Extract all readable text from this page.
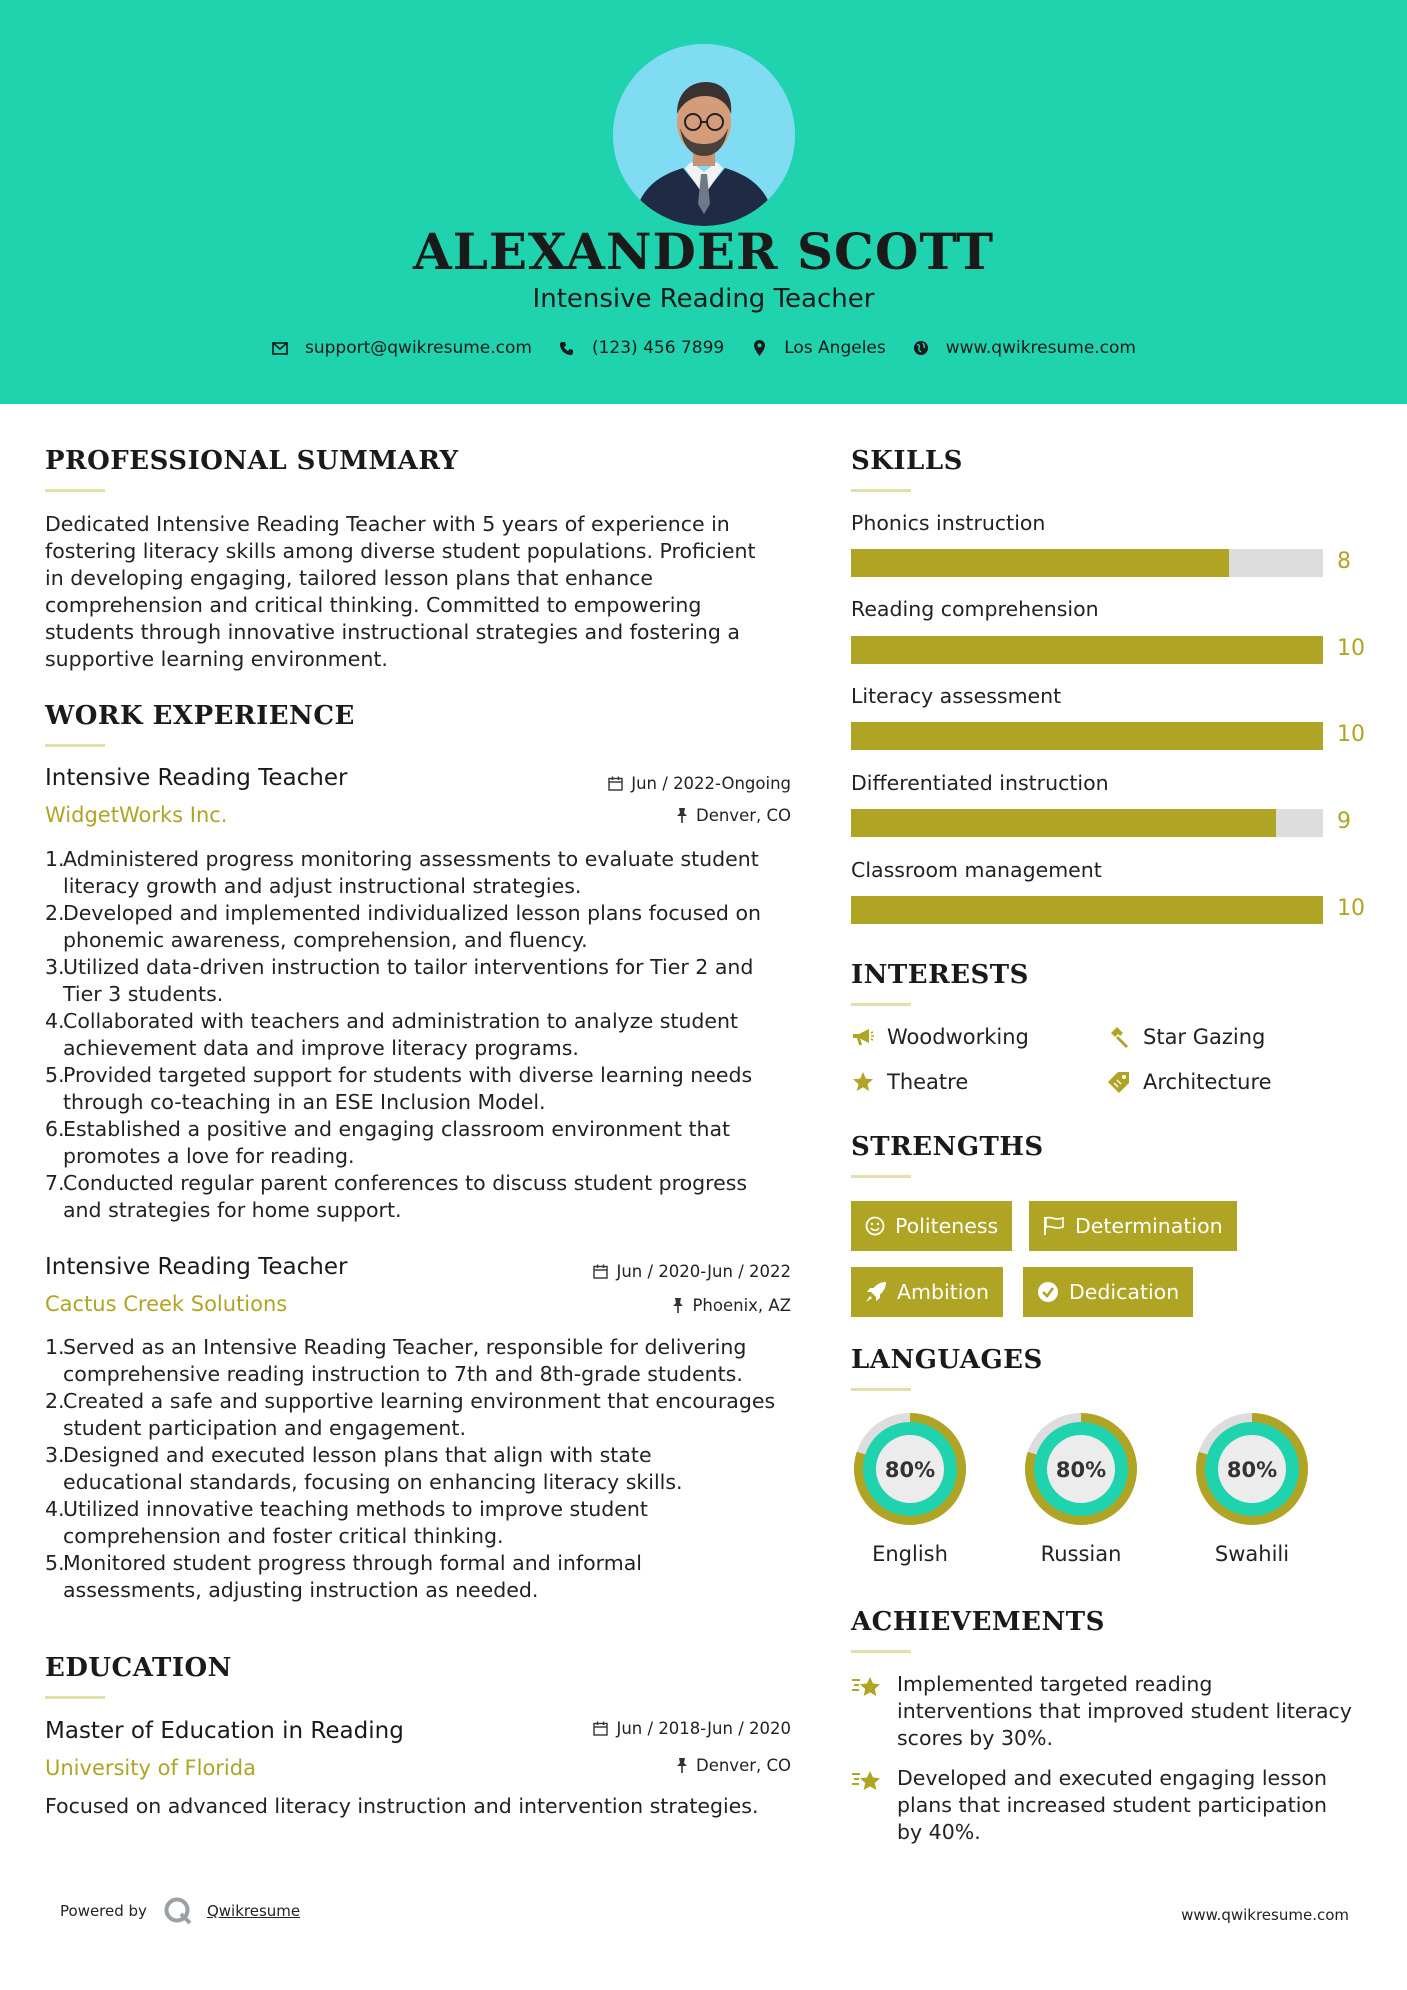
ALEXANDER SCOTT
Intensive Reading Teacher
support@qwikresume.com	(123) 456 7899	Los Angeles	www.qwikresume.com
PROFESSIONAL SUMMARY
Dedicated Intensive Reading Teacher with 5 years of experience in
fostering literacy skills among diverse student populations. Proficient
in developing engaging, tailored lesson plans that enhance
comprehension and critical thinking. Committed to empowering
students through innovative instructional strategies and fostering a
supportive learning environment.
WORK EXPERIENCE
Intensive Reading Teacher
WidgetWorks Inc.
Jun / 2022-Ongoing
Denver, CO
1.
Administered progress monitoring assessments to evaluate student
literacy growth and adjust instructional strategies.
2.
Developed and implemented individualized lesson plans focused on
phonemic awareness, comprehension, and fluency.
3.
Utilized data-driven instruction to tailor interventions for Tier 2 and
Tier 3 students.
4.
Collaborated with teachers and administration to analyze student
achievement data and improve literacy programs.
5.
Provided targeted support for students with diverse learning needs
through co-teaching in an ESE Inclusion Model.
6.
Established a positive and engaging classroom environment that
promotes a love for reading.
7.
Conducted regular parent conferences to discuss student progress
and strategies for home support.
Intensive Reading Teacher
Cactus Creek Solutions
Jun / 2020-Jun / 2022
Phoenix, AZ
1.
Served as an Intensive Reading Teacher, responsible for delivering
comprehensive reading instruction to 7th and 8th-grade students.
2.
Created a safe and supportive learning environment that encourages
student participation and engagement.
3.
Designed and executed lesson plans that align with state
educational standards, focusing on enhancing literacy skills.
4.
Utilized innovative teaching methods to improve student
comprehension and foster critical thinking.
5.
Monitored student progress through formal and informal
assessments, adjusting instruction as needed.
EDUCATION
Master of Education in Reading
University of Florida
Jun / 2018-Jun / 2020
Denver, CO
Focused on advanced literacy instruction and intervention strategies.
SKILLS
Phonics instruction
8
Reading comprehension
10
Literacy assessment
10
Differentiated instruction
9
Classroom management
10
INTERESTS
Woodworking	Star Gazing
Theatre	Architecture
STRENGTHS
Politeness	Determination
Ambition	Dedication
LANGUAGES
80%
English
80%
Russian
80%
Swahili
ACHIEVEMENTS
Implemented targeted reading
interventions that improved student literacy
scores by 30%.
Developed and executed engaging lesson
plans that increased student participation
by 40%.
Powered by	Qwikresume	www.qwikresume.com
